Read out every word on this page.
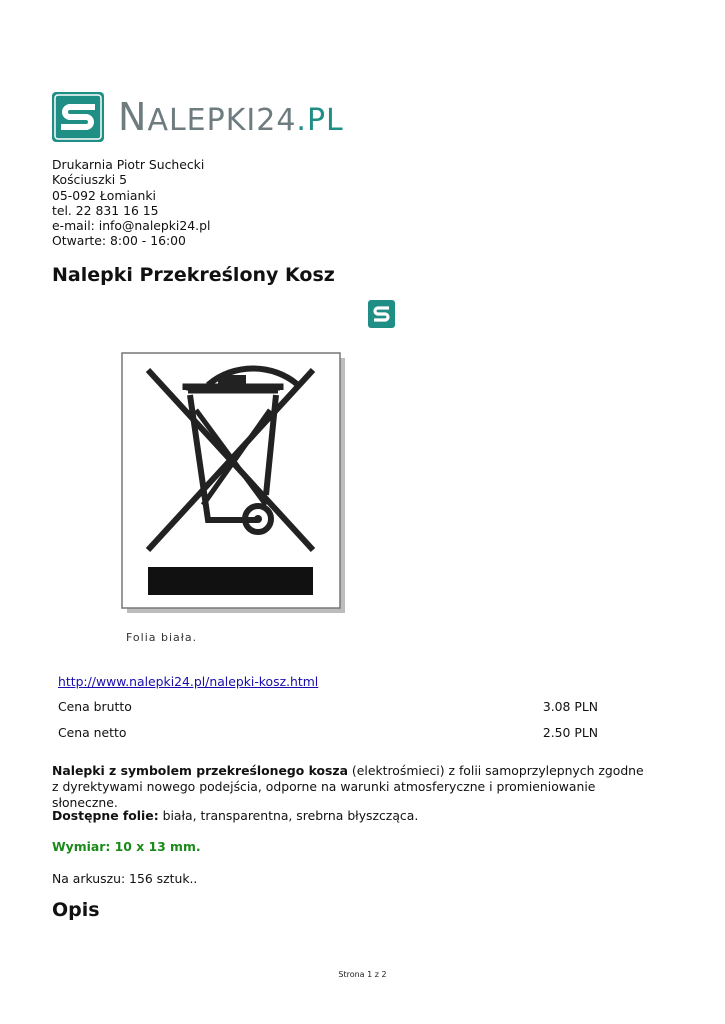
NALEPKI24.PL
Drukarnia Piotr Suchecki
Kościuszki 5
05-092 Łomianki
tel. 22 831 16 15
e-mail: info@nalepki24.pl
Otwarte: 8:00 - 16:00
Nalepki Przekreślony Kosz
Folia biała.
http://www.nalepki24.pl/nalepki-kosz.html
Cena brutto	3.08 PLN
Cena netto	2.50 PLN
Nalepki z symbolem przekreślonego kosza (elektrośmieci) z folii samoprzylepnych zgodne z dyrektywami nowego podejścia, odporne na warunki atmosferyczne i promieniowanie słoneczne.
Dostępne folie: biała, transparentna, srebrna błyszcząca.
Wymiar: 10 x 13 mm.
Na arkuszu: 156 sztuk..
Opis
Strona 1 z 2
